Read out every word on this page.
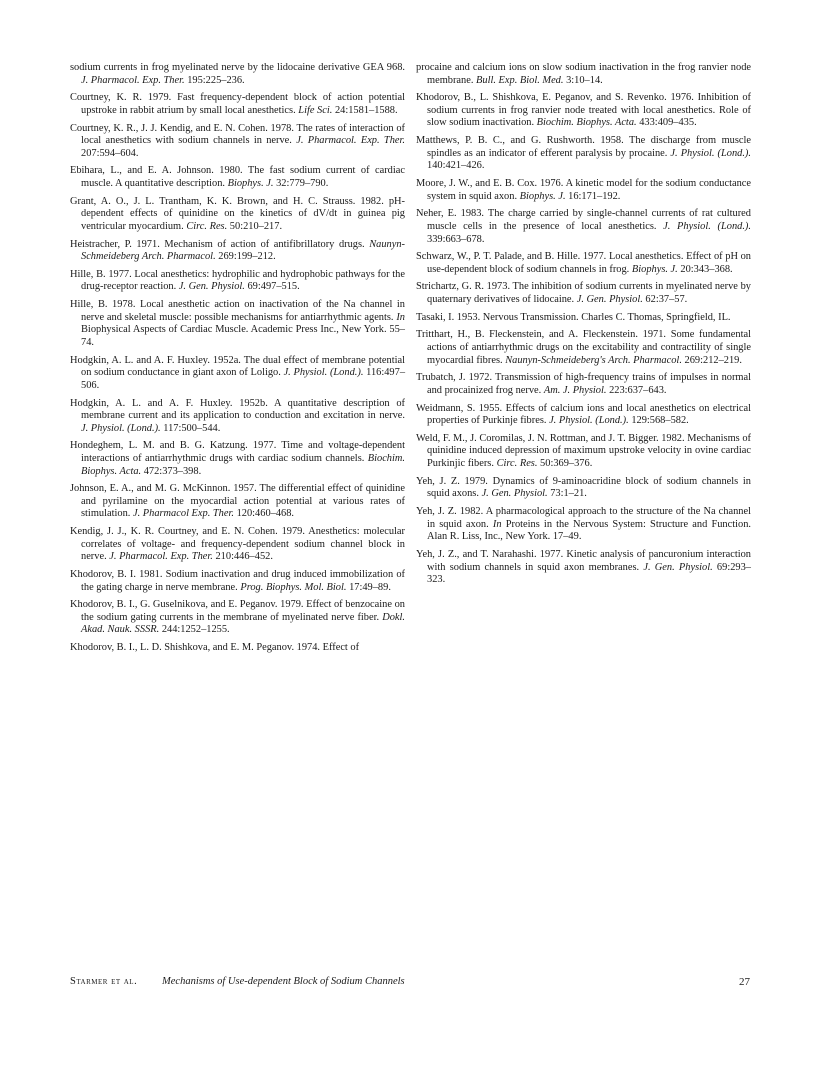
sodium currents in frog myelinated nerve by the lidocaine derivative GEA 968. J. Pharmacol. Exp. Ther. 195:225–236.

Courtney, K. R. 1979. Fast frequency-dependent block of action potential upstroke in rabbit atrium by small local anesthetics. Life Sci. 24:1581–1588.

Courtney, K. R., J. J. Kendig, and E. N. Cohen. 1978. The rates of interaction of local anesthetics with sodium channels in nerve. J. Pharmacol. Exp. Ther. 207:594–604.

Ebihara, L., and E. A. Johnson. 1980. The fast sodium current of cardiac muscle. A quantitative description. Biophys. J. 32:779–790.

Grant, A. O., J. L. Trantham, K. K. Brown, and H. C. Strauss. 1982. pH-dependent effects of quinidine on the kinetics of dV/dt in guinea pig ventricular myocardium. Circ. Res. 50:210–217.

Heistracher, P. 1971. Mechanism of action of antifibrillatory drugs. Naunyn-Schmeideberg Arch. Pharmacol. 269:199–212.

Hille, B. 1977. Local anesthetics: hydrophilic and hydrophobic pathways for the drug-receptor reaction. J. Gen. Physiol. 69:497–515.

Hille, B. 1978. Local anesthetic action on inactivation of the Na channel in nerve and skeletal muscle: possible mechanisms for antiarrhythmic agents. In Biophysical Aspects of Cardiac Muscle. Academic Press Inc., New York. 55–74.

Hodgkin, A. L. and A. F. Huxley. 1952a. The dual effect of membrane potential on sodium conductance in giant axon of Loligo. J. Physiol. (Lond.). 116:497–506.

Hodgkin, A. L. and A. F. Huxley. 1952b. A quantitative description of membrane current and its application to conduction and excitation in nerve. J. Physiol. (Lond.). 117:500–544.

Hondeghem, L. M. and B. G. Katzung. 1977. Time and voltage-dependent interactions of antiarrhythmic drugs with cardiac sodium channels. Biochim. Biophys. Acta. 472:373–398.

Johnson, E. A., and M. G. McKinnon. 1957. The differential effect of quinidine and pyrilamine on the myocardial action potential at various rates of stimulation. J. Pharmacol Exp. Ther. 120:460–468.

Kendig, J. J., K. R. Courtney, and E. N. Cohen. 1979. Anesthetics: molecular correlates of voltage- and frequency-dependent sodium channel block in nerve. J. Pharmacol. Exp. Ther. 210:446–452.

Khodorov, B. I. 1981. Sodium inactivation and drug induced immobilization of the gating charge in nerve membrane. Prog. Biophys. Mol. Biol. 17:49–89.

Khodorov, B. I., G. Guselnikova, and E. Peganov. 1979. Effect of benzocaine on the sodium gating currents in the membrane of myelinated nerve fiber. Dokl. Akad. Nauk. SSSR. 244:1252–1255.

Khodorov, B. I., L. D. Shishkova, and E. M. Peganov. 1974. Effect of

procaine and calcium ions on slow sodium inactivation in the frog ranvier node membrane. Bull. Exp. Biol. Med. 3:10–14.

Khodorov, B., L. Shishkova, E. Peganov, and S. Revenko. 1976. Inhibition of sodium currents in frog ranvier node treated with local anesthetics. Role of slow sodium inactivation. Biochim. Biophys. Acta. 433:409–435.

Matthews, P. B. C., and G. Rushworth. 1958. The discharge from muscle spindles as an indicator of efferent paralysis by procaine. J. Physiol. (Lond.). 140:421–426.

Moore, J. W., and E. B. Cox. 1976. A kinetic model for the sodium conductance system in squid axon. Biophys. J. 16:171–192.

Neher, E. 1983. The charge carried by single-channel currents of rat cultured muscle cells in the presence of local anesthetics. J. Physiol. (Lond.). 339:663–678.

Schwarz, W., P. T. Palade, and B. Hille. 1977. Local anesthetics. Effect of pH on use-dependent block of sodium channels in frog. Biophys. J. 20:343–368.

Strichartz, G. R. 1973. The inhibition of sodium currents in myelinated nerve by quaternary derivatives of lidocaine. J. Gen. Physiol. 62:37–57.

Tasaki, I. 1953. Nervous Transmission. Charles C. Thomas, Springfield, IL.

Tritthart, H., B. Fleckenstein, and A. Fleckenstein. 1971. Some fundamental actions of antiarrhythmic drugs on the excitability and contractility of single myocardial fibres. Naunyn-Schmeideberg's Arch. Pharmacol. 269:212–219.

Trubatch, J. 1972. Transmission of high-frequency trains of impulses in normal and procainized frog nerve. Am. J. Physiol. 223:637–643.

Weidmann, S. 1955. Effects of calcium ions and local anesthetics on electrical properties of Purkinje fibres. J. Physiol. (Lond.). 129:568–582.

Weld, F. M., J. Coromilas, J. N. Rottman, and J. T. Bigger. 1982. Mechanisms of quinidine induced depression of maximum upstroke velocity in ovine cardiac Purkinjic fibers. Circ. Res. 50:369–376.

Yeh, J. Z. 1979. Dynamics of 9-aminoacridine block of sodium channels in squid axons. J. Gen. Physiol. 73:1–21.

Yeh, J. Z. 1982. A pharmacological approach to the structure of the Na channel in squid axon. In Proteins in the Nervous System: Structure and Function. Alan R. Liss, Inc., New York. 17–49.

Yeh, J. Z., and T. Narahashi. 1977. Kinetic analysis of pancuronium interaction with sodium channels in squid axon membranes. J. Gen. Physiol. 69:293–323.

Starmer et al. Mechanisms of Use-dependent Block of Sodium Channels	27
